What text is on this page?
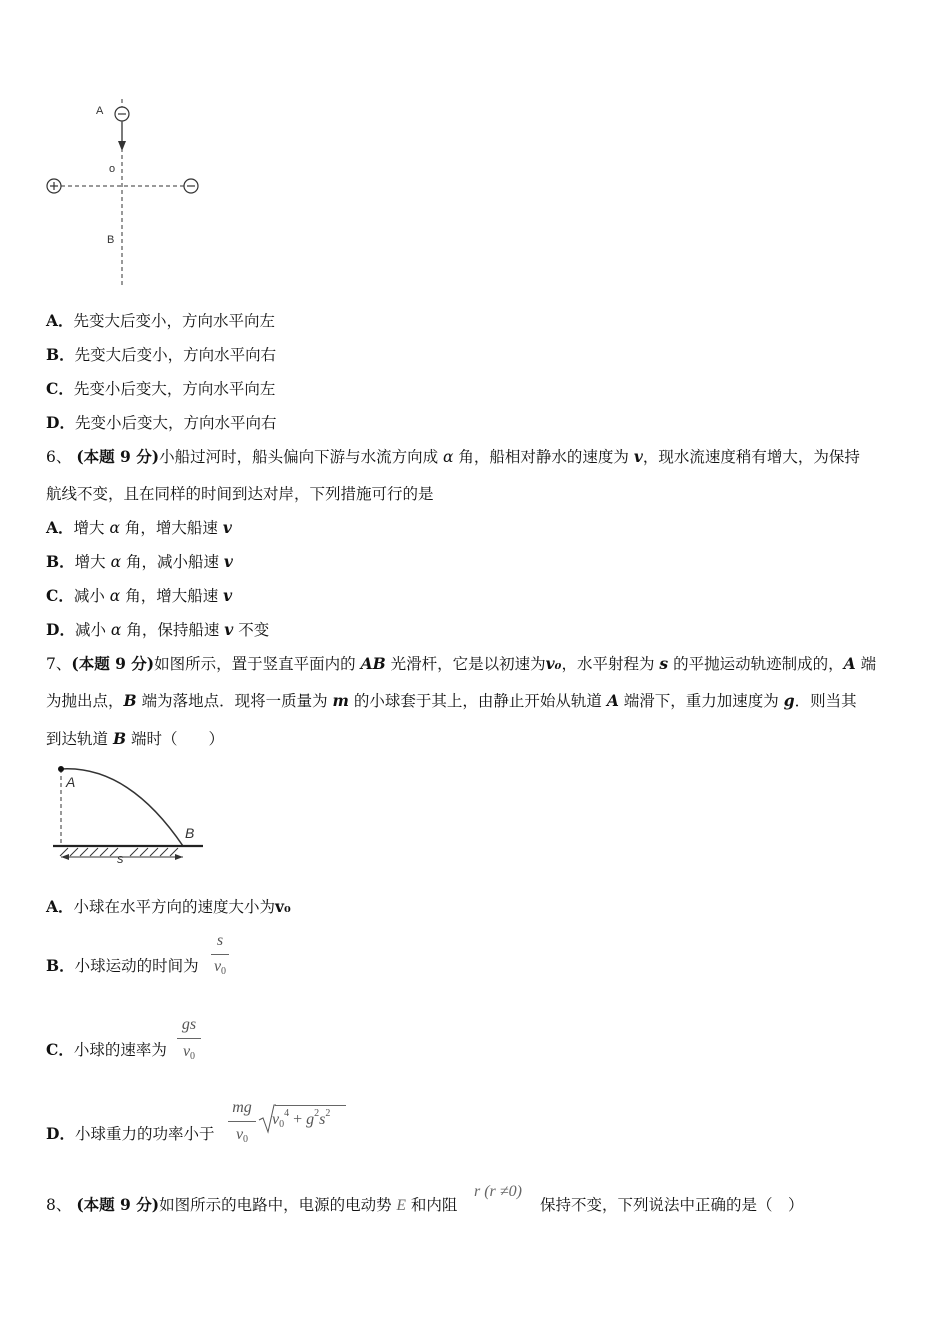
A
o
B
A．先变大后变小，方向水平向左
B．先变大后变小，方向水平向右
C．先变小后变大，方向水平向左
D．先变小后变大，方向水平向右
6、 (本题 9 分)小船过河时，船头偏向下游与水流方向成 α 角，船相对静水的速度为 v，现水流速度稍有增大，为保持
航线不变，且在同样的时间到达对岸，下列措施可行的是
A．增大 α 角，增大船速 v
B．增大 α 角，减小船速 v
C．减小 α 角，增大船速 v
D．减小 α 角，保持船速 v 不变
7、(本题 9 分)如图所示，置于竖直平面内的 AB 光滑杆，它是以初速为v₀，水平射程为 s 的平抛运动轨迹制成的，A 端
为抛出点，B 端为落地点．现将一质量为 m 的小球套于其上，由静止开始从轨道 A 端滑下，重力加速度为 g．则当其
到达轨道 B 端时（　　）
A
B
s
A．小球在水平方向的速度大小为v₀
B．小球运动的时间为
s
$v_0$
C．小球的速率为
gs
$v_0$
D．小球重力的功率小于
mg
$v_0$
$v0^4 + g^2s^2$
8、 (本题 9 分)如图所示的电路中，电源的电动势 E 和内阻
r (r ≠0)
保持不变，下列说法中正确的是（　）
